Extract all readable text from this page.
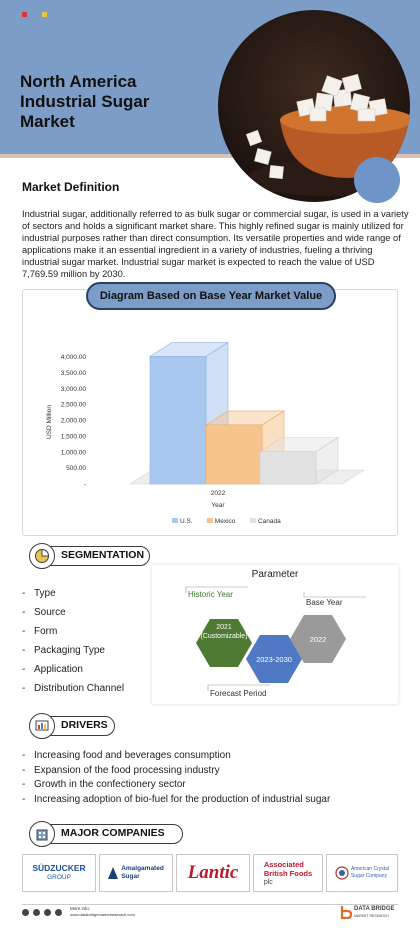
North America
Industrial Sugar
Market
Market Definition
Industrial sugar, additionally referred to as bulk sugar or commercial sugar, is used in a variety of sectors and holds a significant market share. This highly refined sugar is mainly utilized for industrial purposes rather than direct consumption. Its versatile properties and wide range of applications make it an essential ingredient in a variety of industries, fueling a thriving industrial sugar market. Industrial sugar market is expected to reach the value of USD 7,769.59 million by 2030.
Diagram Based on Base Year Market Value
-
500.00
1,000.00
1,500.00
2,000.00
2,500.00
3,000.00
3,500.00
4,000.00
USD Million
2022
Year
U.S.	Mexico	Canada
SEGMENTATION
- Type
- Source
- Form
- Packaging Type
- Application
- Distribution Channel
Parameter
Historic Year
2021
(Customizable)
2023-2030
Forecast Period
2022
Base Year
DRIVERS
- Increasing food and beverages consumption
- Expansion of the food processing industry
- Growth in the confectionery sector
- Increasing adoption of bio-fuel for the production of industrial sugar
MAJOR COMPANIES
SÜDZUCKER
GROUP
Amalgamated
Sugar	Lantic	Associated
British Foods
plc
American Crystal
Sugar Company
More info:
www.databridgemarketresearch.com
DATA BRIDGE
MARKET RESEARCH
